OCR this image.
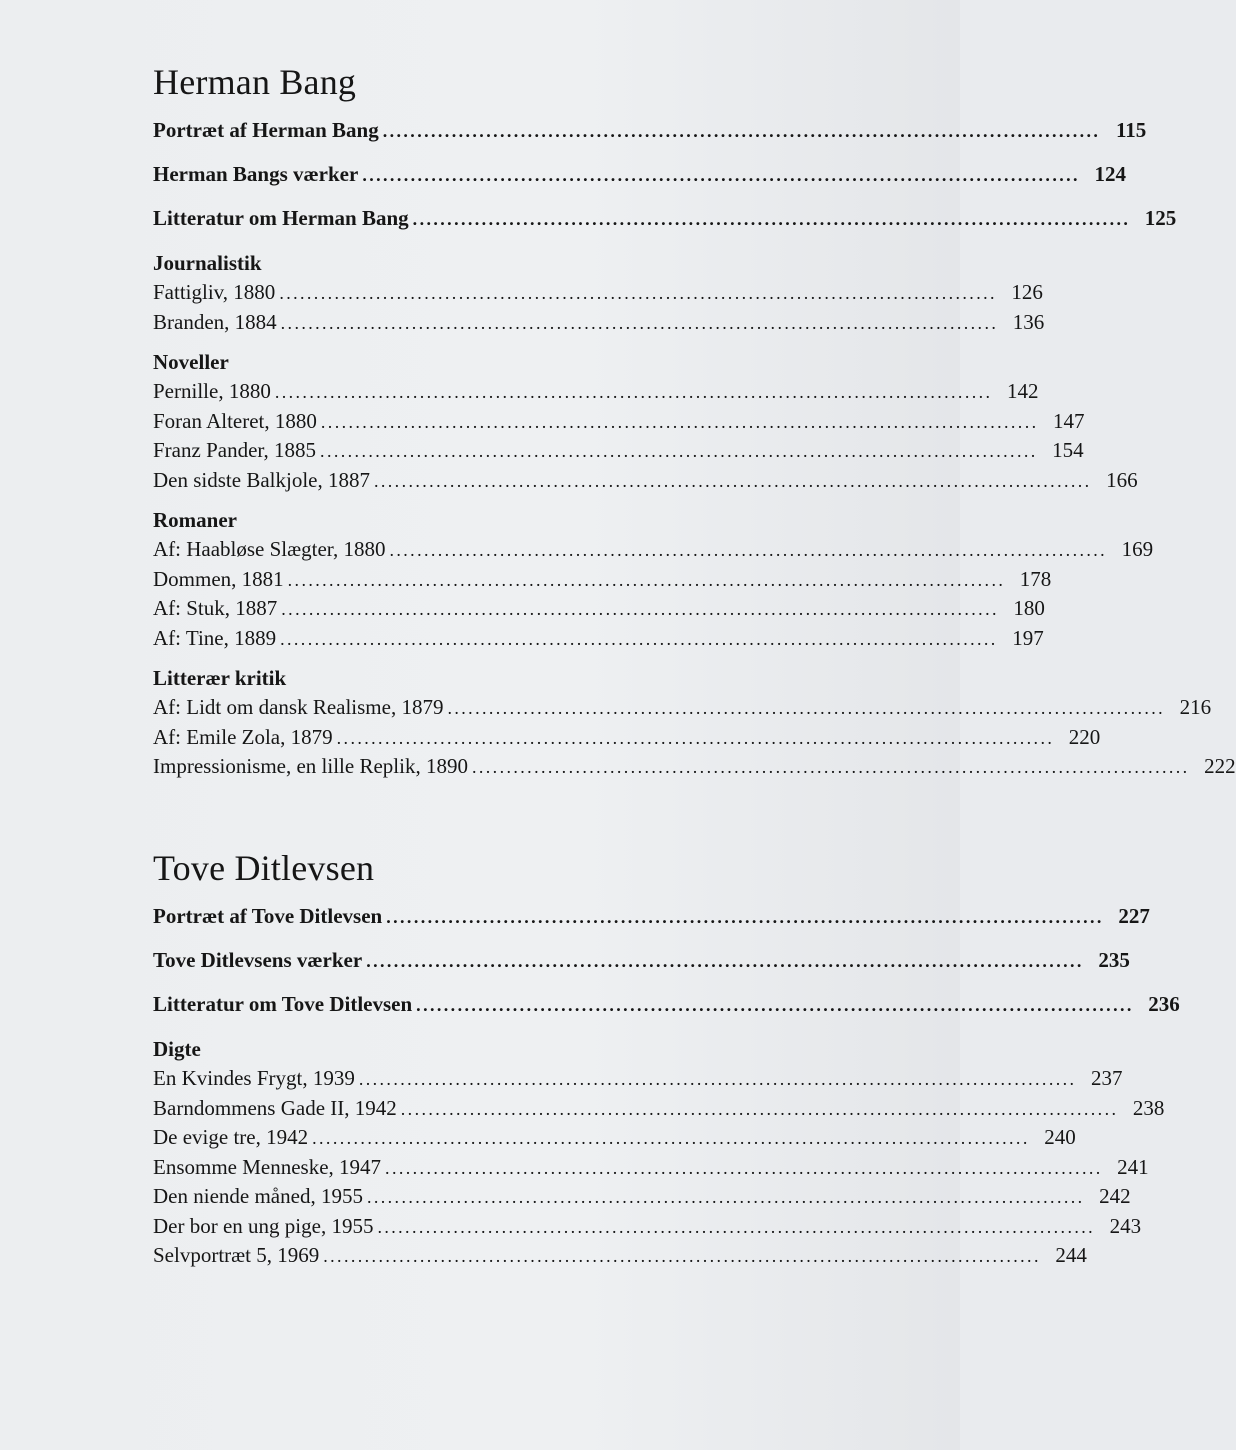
Herman Bang
Portræt af Herman Bang ........................................................................................................ 115
Herman Bangs værker ........................................................................................................ 124
Litteratur om Herman Bang ........................................................................................................ 125
Journalistik
Fattigliv, 1880 ........................................................................................................ 126
Branden, 1884 ........................................................................................................ 136
Noveller
Pernille, 1880 ........................................................................................................ 142
Foran Alteret, 1880 ........................................................................................................ 147
Franz Pander, 1885 ........................................................................................................ 154
Den sidste Balkjole, 1887 ........................................................................................................ 166
Romaner
Af: Haabløse Slægter, 1880 ........................................................................................................ 169
Dommen, 1881 ........................................................................................................ 178
Af: Stuk, 1887 ........................................................................................................ 180
Af: Tine, 1889 ........................................................................................................ 197
Litterær kritik
Af: Lidt om dansk Realisme, 1879 ........................................................................................................ 216
Af: Emile Zola, 1879 ........................................................................................................ 220
Impressionisme, en lille Replik, 1890 ........................................................................................................ 222
Tove Ditlevsen
Portræt af Tove Ditlevsen ........................................................................................................ 227
Tove Ditlevsens værker ........................................................................................................ 235
Litteratur om Tove Ditlevsen ........................................................................................................ 236
Digte
En Kvindes Frygt, 1939 ........................................................................................................ 237
Barndommens Gade II, 1942 ........................................................................................................ 238
De evige tre, 1942 ........................................................................................................ 240
Ensomme Menneske, 1947 ........................................................................................................ 241
Den niende måned, 1955 ........................................................................................................ 242
Der bor en ung pige, 1955 ........................................................................................................ 243
Selvportræt 5, 1969 ........................................................................................................ 244
